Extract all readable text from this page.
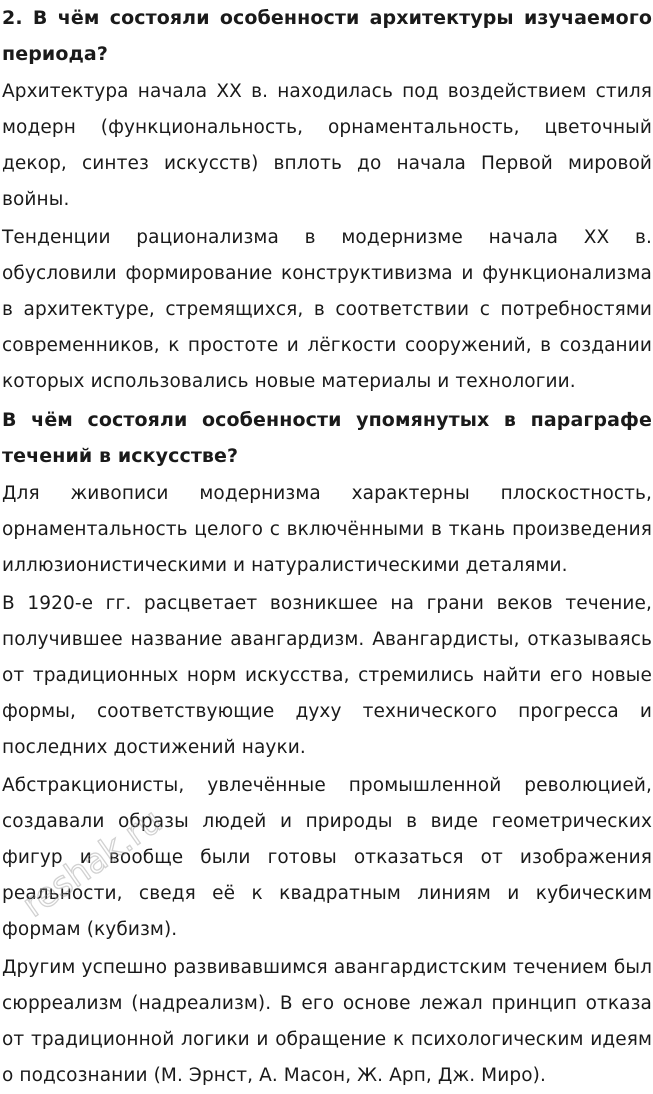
2. В чём состояли особенности архитектуры изучаемого периода?

Архитектура начала XX в. находилась под воздействием стиля модерн (функциональность, орнаментальность, цветочный декор, синтез искусств) вплоть до начала Первой мировой войны.

Тенденции рационализма в модернизме начала XX в. обусловили формирование конструктивизма и функционализма в архитектуре, стремящихся, в соответствии с потребностями современников, к простоте и лёгкости сооружений, в создании которых использовались новые материалы и технологии.

В чём состояли особенности упомянутых в параграфе течений в искусстве?

Для живописи модернизма характерны плоскостность, орнаментальность целого с включёнными в ткань произведения иллюзионистическими и натуралистическими деталями.

В 1920-е гг. расцветает возникшее на грани веков течение, получившее название авангардизм. Авангардисты, отказываясь от традиционных норм искусства, стремились найти его новые формы, соответствующие духу технического прогресса и последних достижений науки.

Абстракционисты, увлечённые промышленной революцией, создавали образы людей и природы в виде геометрических фигур и вообще были готовы отказаться от изображения реальности, сведя её к квадратным линиям и кубическим формам (кубизм).

Другим успешно развивавшимся авангардистским течением был сюрреализм (надреализм). В его основе лежал принцип отказа от традиционной логики и обращение к психологическим идеям о подсознании (М. Эрнст, А. Масон, Ж. Арп, Дж. Миро).

reshak.ru
